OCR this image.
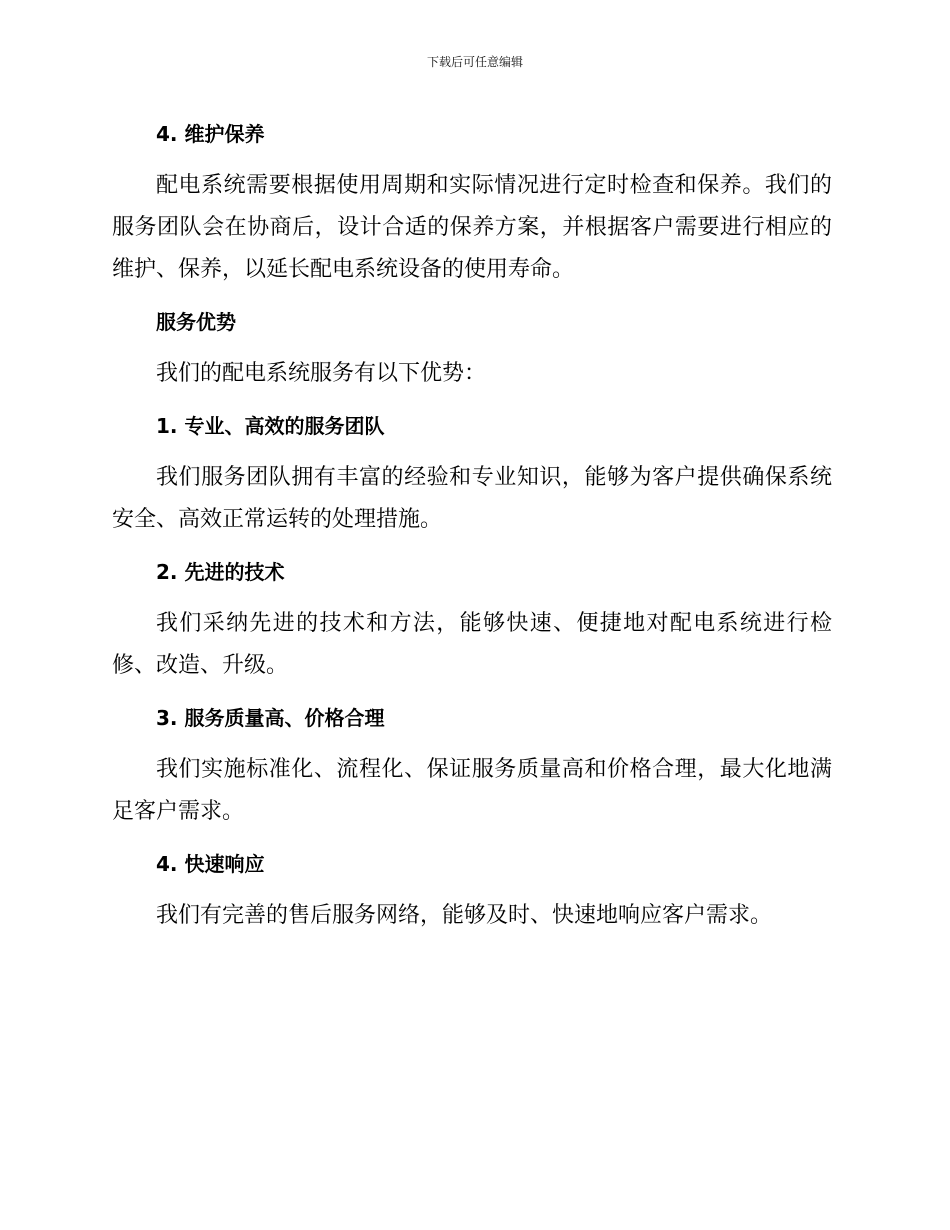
下载后可任意编辑
4. 维护保养

配电系统需要根据使用周期和实际情况进行定时检查和保养。我们的服务团队会在协商后，设计合适的保养方案，并根据客户需要进行相应的维护、保养，以延长配电系统设备的使用寿命。

服务优势

我们的配电系统服务有以下优势：

1. 专业、高效的服务团队

我们服务团队拥有丰富的经验和专业知识，能够为客户提供确保系统安全、高效正常运转的处理措施。

2. 先进的技术

我们采纳先进的技术和方法，能够快速、便捷地对配电系统进行检修、改造、升级。

3. 服务质量高、价格合理

我们实施标准化、流程化、保证服务质量高和价格合理，最大化地满足客户需求。

4. 快速响应

我们有完善的售后服务网络，能够及时、快速地响应客户需求。
